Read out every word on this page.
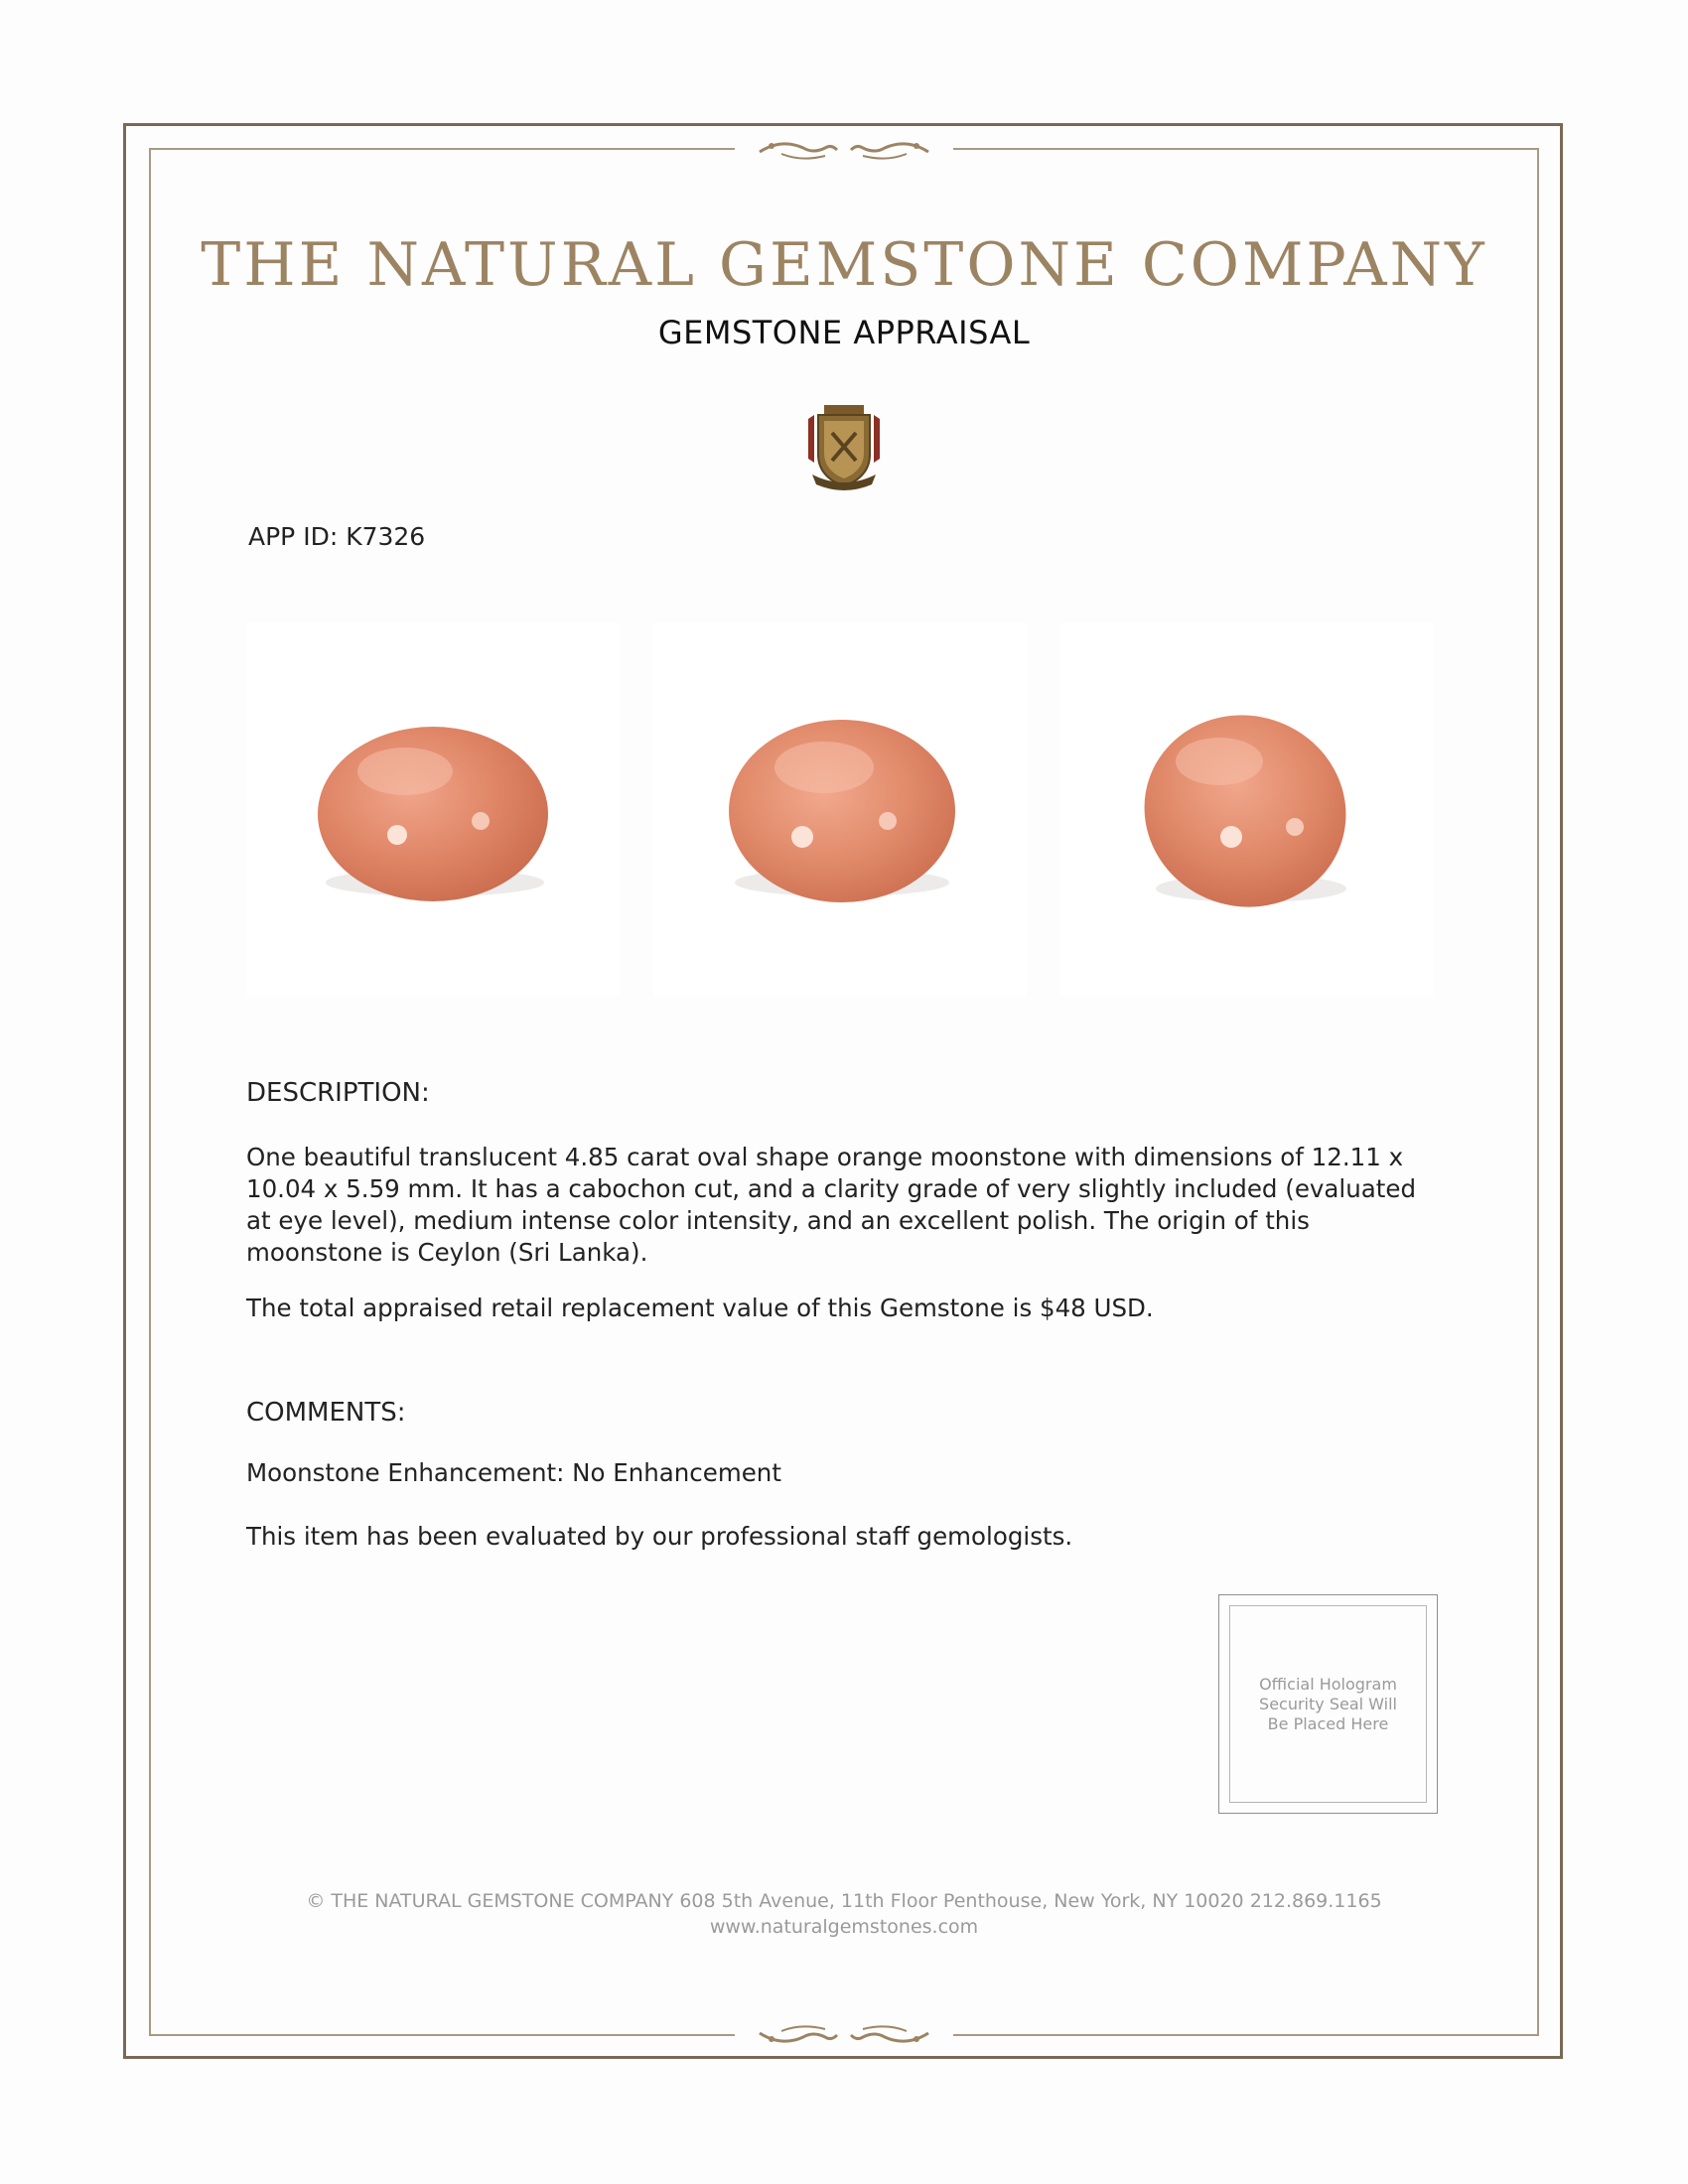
THE NATURAL GEMSTONE COMPANY
GEMSTONE APPRAISAL
APP ID: K7326
DESCRIPTION:

One beautiful translucent 4.85 carat oval shape orange moonstone with dimensions of 12.11 x 10.04 x 5.59 mm. It has a cabochon cut, and a clarity grade of very slightly included (evaluated at eye level), medium intense color intensity, and an excellent polish. The origin of this moonstone is Ceylon (Sri Lanka).

The total appraised retail replacement value of this Gemstone is $48 USD.

COMMENTS:

Moonstone Enhancement: No Enhancement

This item has been evaluated by our professional staff gemologists.

Official Hologram
Security Seal Will
Be Placed Here
© THE NATURAL GEMSTONE COMPANY 608 5th Avenue, 11th Floor Penthouse, New York, NY 10020 212.869.1165
www.naturalgemstones.com
